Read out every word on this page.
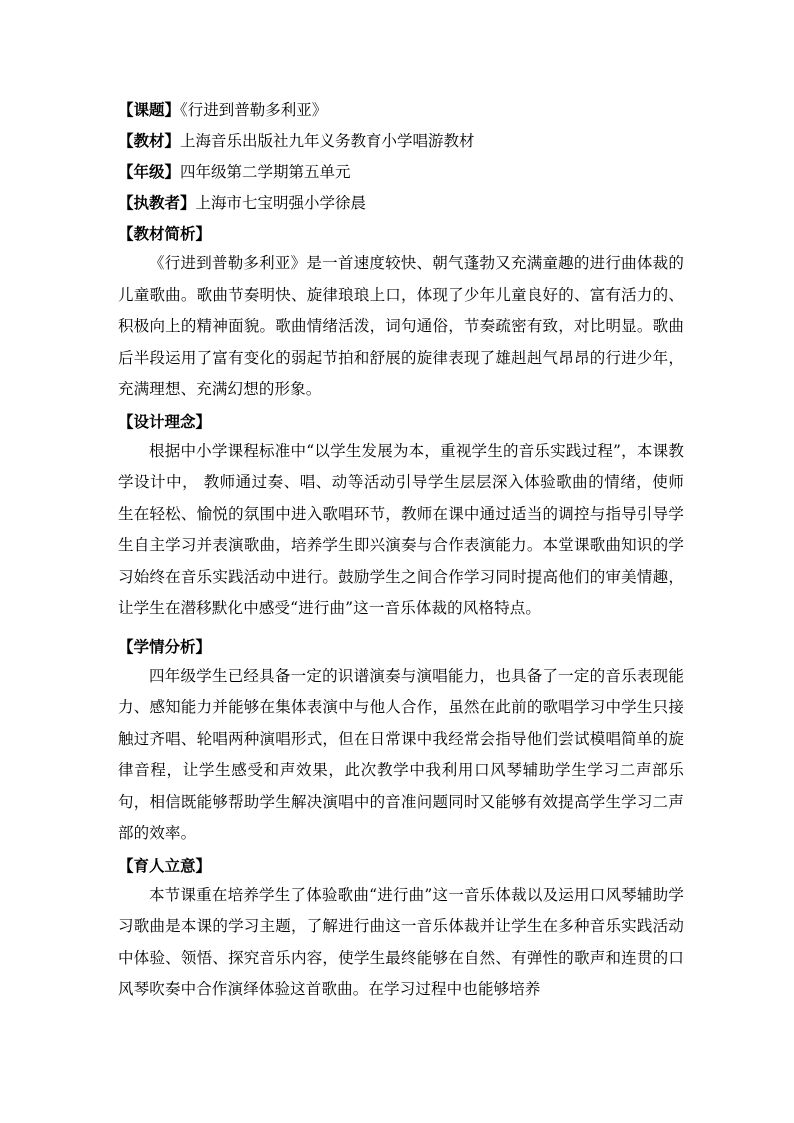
【课题】《行进到普勒多利亚》

【教材】上海音乐出版社九年义务教育小学唱游教材

【年级】四年级第二学期第五单元

【执教者】上海市七宝明强小学徐晨

【教材简析】

《行进到普勒多利亚》是一首速度较快、朝气蓬勃又充满童趣的进行曲体裁的儿童歌曲。歌曲节奏明快、旋律琅琅上口，体现了少年儿童良好的、富有活力的、积极向上的精神面貌。歌曲情绪活泼，词句通俗，节奏疏密有致，对比明显。歌曲后半段运用了富有变化的弱起节拍和舒展的旋律表现了雄赳赳气昂昂的行进少年，充满理想、充满幻想的形象。

【设计理念】

根据中小学课程标准中“以学生发展为本，重视学生的音乐实践过程”，本课教学设计中， 教师通过奏、唱、动等活动引导学生层层深入体验歌曲的情绪，使师生在轻松、愉悦的氛围中进入歌唱环节，教师在课中通过适当的调控与指导引导学生自主学习并表演歌曲，培养学生即兴演奏与合作表演能力。本堂课歌曲知识的学习始终在音乐实践活动中进行。鼓励学生之间合作学习同时提高他们的审美情趣，让学生在潜移默化中感受“进行曲”这一音乐体裁的风格特点。

【学情分析】

四年级学生已经具备一定的识谱演奏与演唱能力，也具备了一定的音乐表现能力、感知能力并能够在集体表演中与他人合作，虽然在此前的歌唱学习中学生只接触过齐唱、轮唱两种演唱形式，但在日常课中我经常会指导他们尝试模唱简单的旋律音程，让学生感受和声效果，此次教学中我利用口风琴辅助学生学习二声部乐句，相信既能够帮助学生解决演唱中的音准问题同时又能够有效提高学生学习二声部的效率。

【育人立意】

本节课重在培养学生了体验歌曲“进行曲”这一音乐体裁以及运用口风琴辅助学习歌曲是本课的学习主题，了解进行曲这一音乐体裁并让学生在多种音乐实践活动中体验、领悟、探究音乐内容，使学生最终能够在自然、有弹性的歌声和连贯的口风琴吹奏中合作演绎体验这首歌曲。在学习过程中也能够培养
